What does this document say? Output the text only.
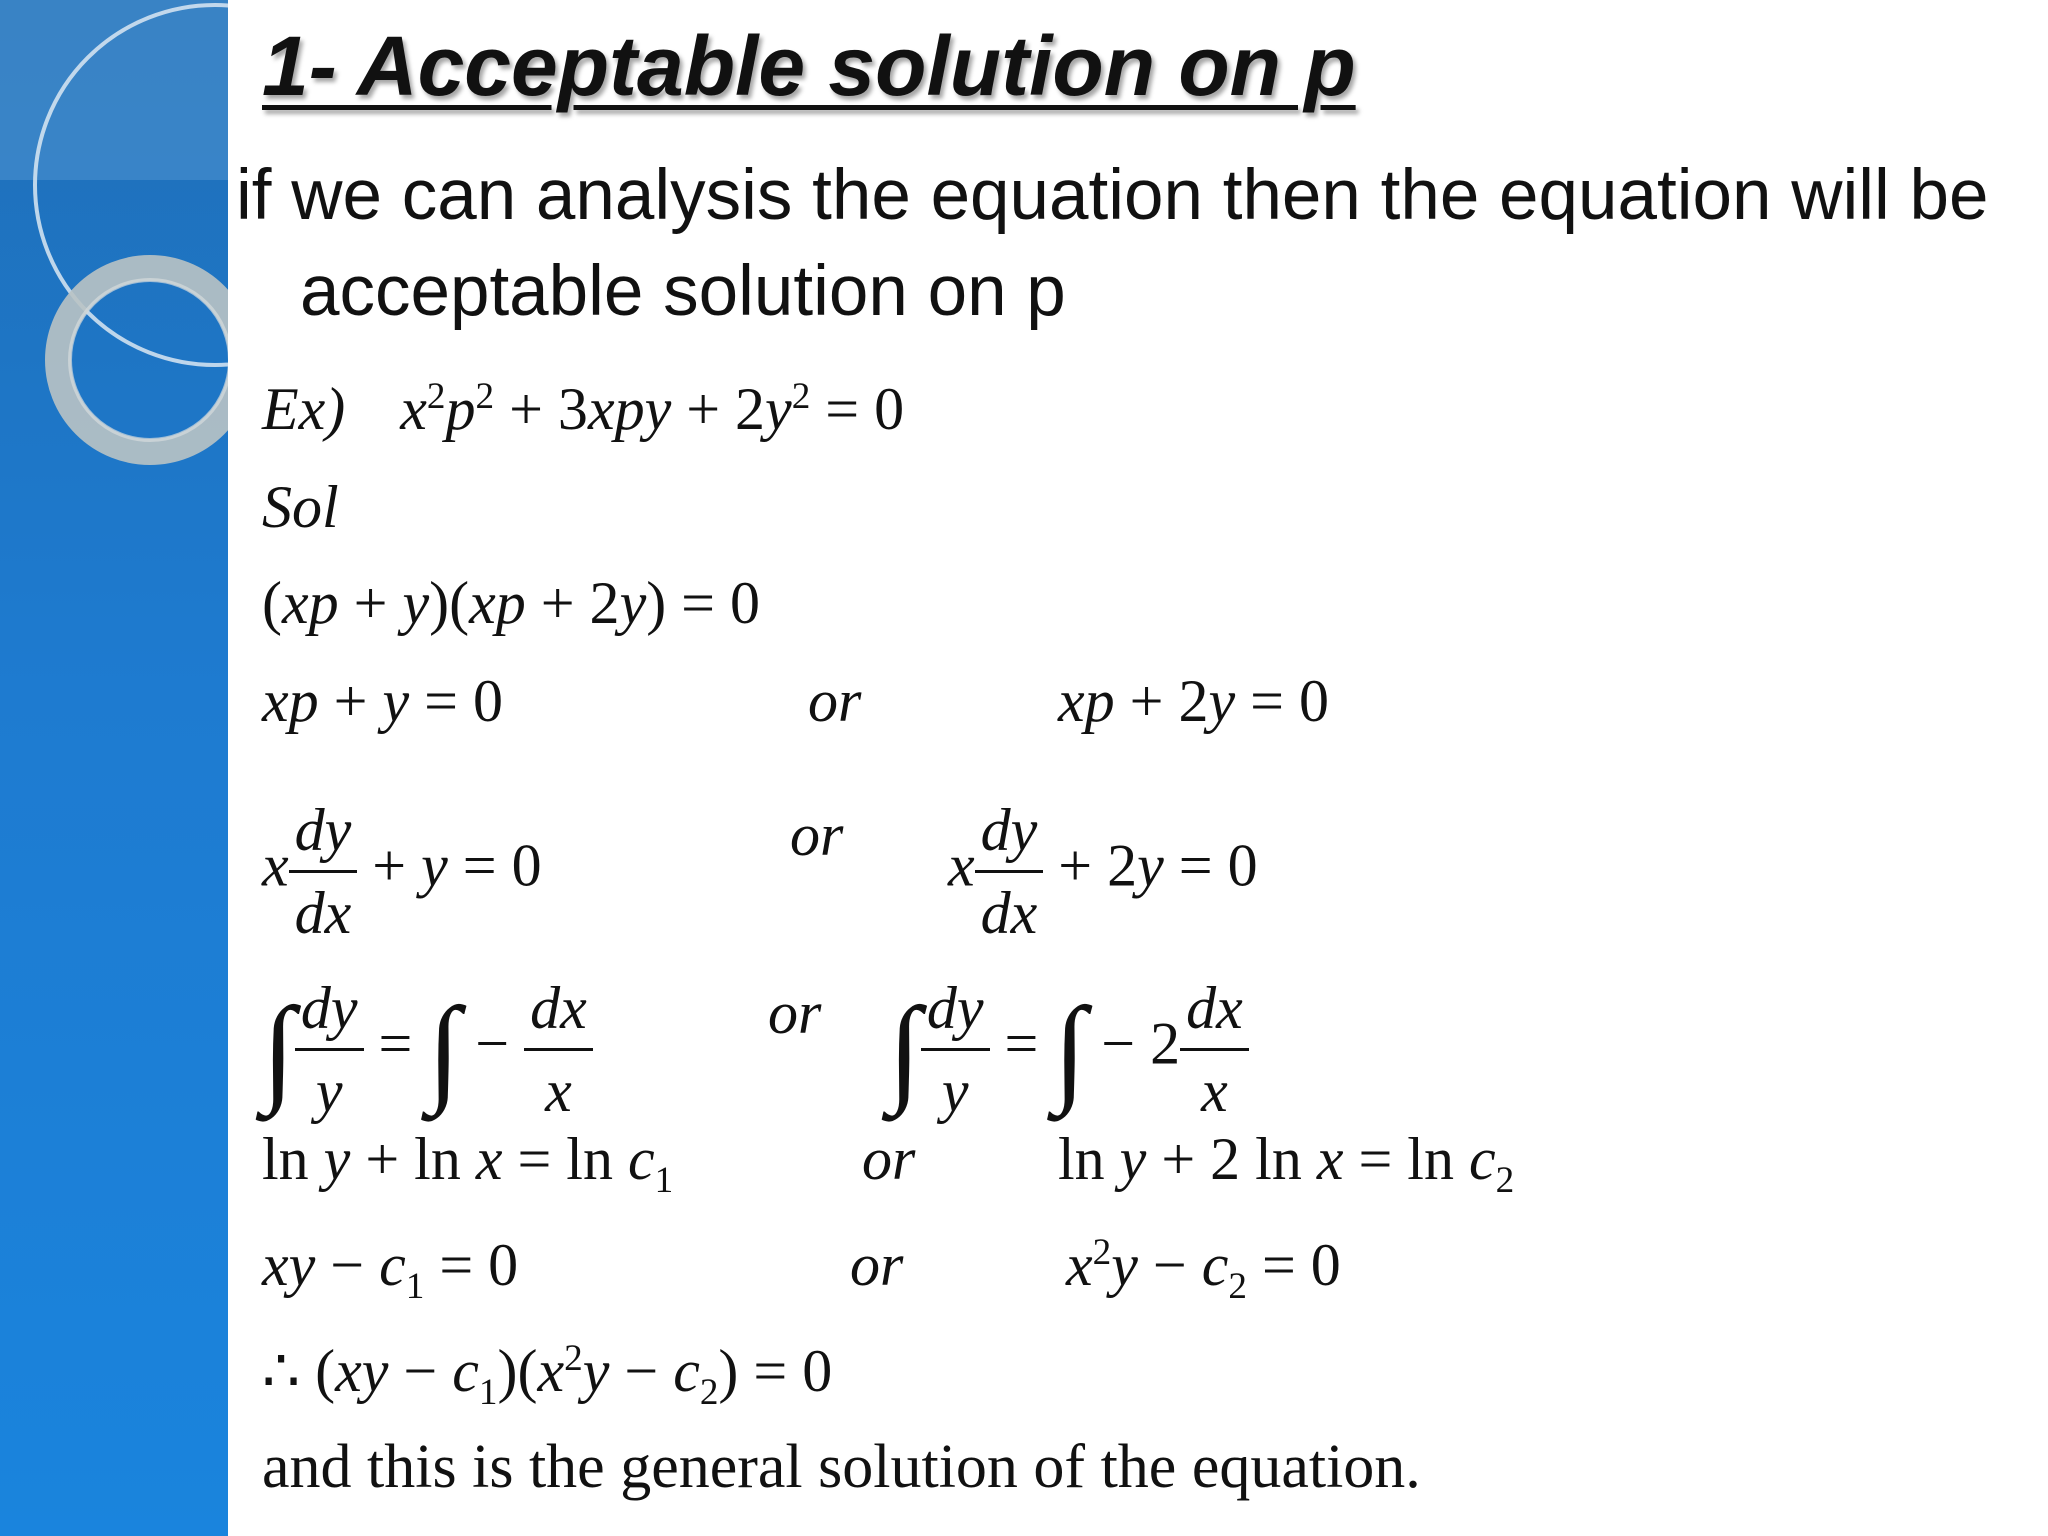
1- Acceptable solution on p

if we can analysis the equation then the equation will be acceptable solution on p

Ex) $x^2p^2 + 3xpy + 2y^2 = 0$
Sol
(xp + y)(xp + 2y) = 0
xp + y = 0	or	xp + 2y = 0
x $\frac{dy}{dx} + y = 0$	or x $\frac{dy}{dx} + 2y = 0$
∫ $\frac{dy}{y}$ = ∫ − $\frac{dx}{x}$	or ∫ $\frac{dy}{y}$ = ∫ − $2 \frac{dx}{x}$
$\ln y + \ln x = \ln c_1$	or ln y + 2 $\ln x = \ln c_2$
xy − $c_1 = 0$	or	$x^2y - c_2 = 0$
∴ $(xy - c_1)(x^2y - c_2) = 0$
and this is the general solution of the equation.
